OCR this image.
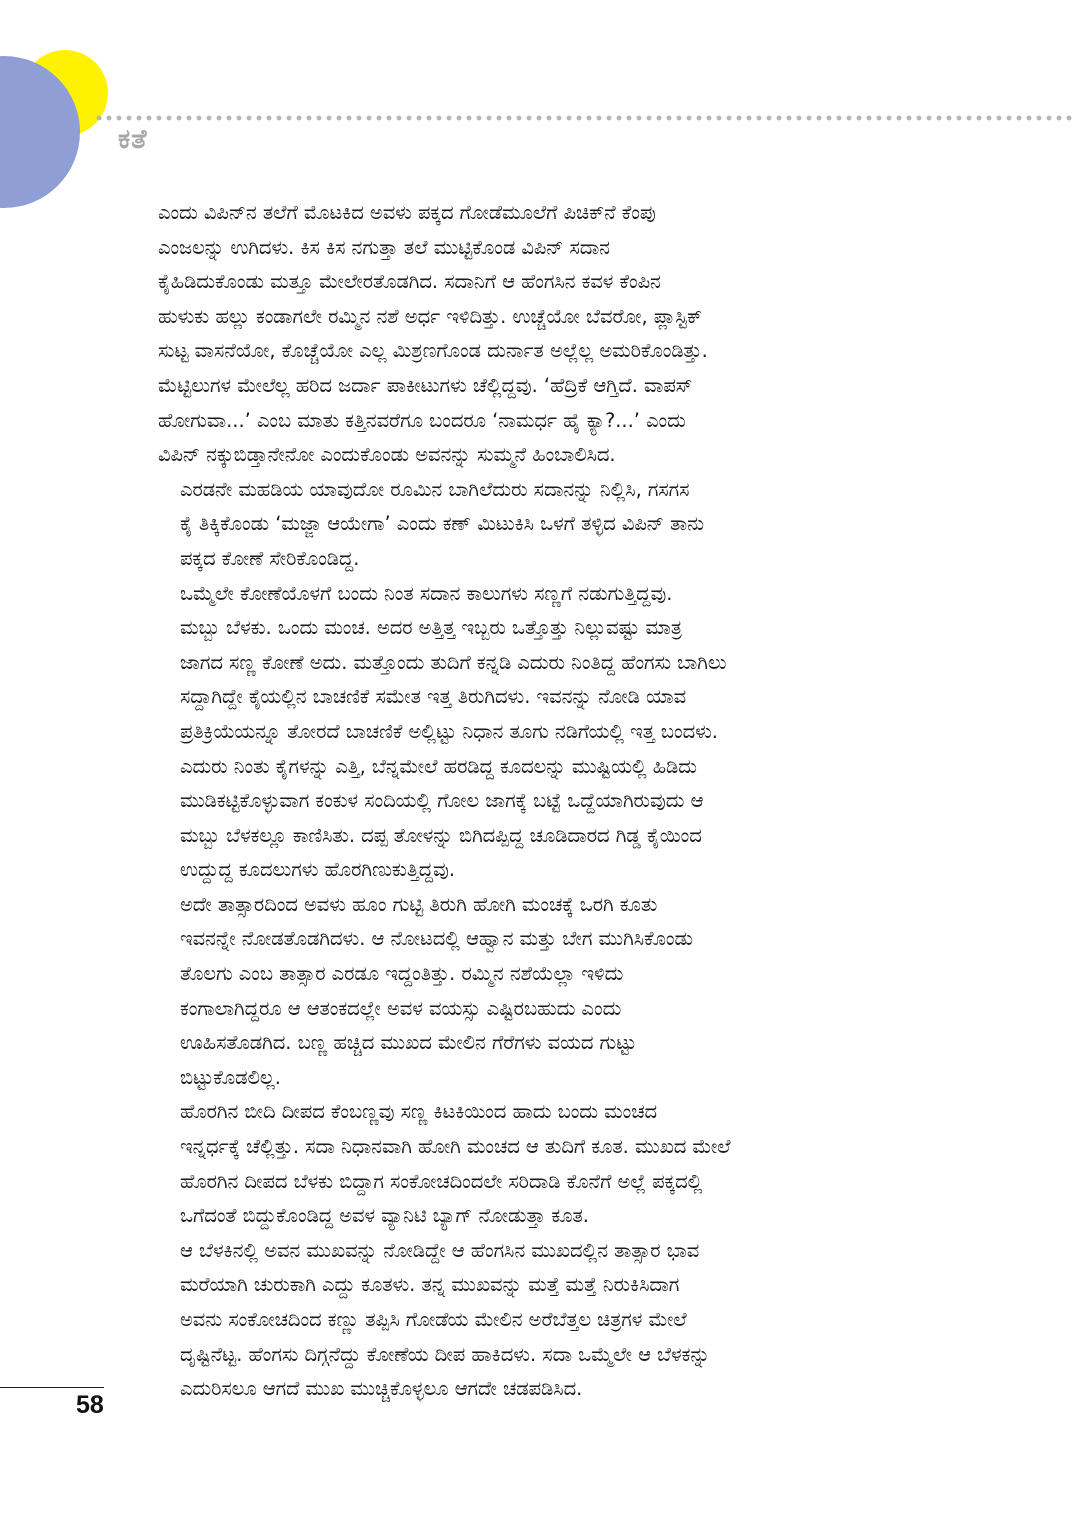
ಕತೆ

ಎಂದು ವಿಪಿನ್‌ನ ತಲೆಗೆ ಮೊಟಕಿದ ಅವಳು ಪಕ್ಕದ ಗೋಡೆಮೂಲೆಗೆ ಪಿಚಿಕ್‌ನೆ ಕೆಂಪು
ಎಂಜಲನ್ನು ಉಗಿದಳು. ಕಿಸ ಕಿಸ ನಗುತ್ತಾ ತಲೆ ಮುಟ್ಟಿಕೊಂಡ ವಿಪಿನ್ ಸದಾನ
ಕೈಹಿಡಿದುಕೊಂಡು ಮತ್ತೂ ಮೇಲೇರತೊಡಗಿದ. ಸದಾನಿಗೆ ಆ ಹೆಂಗಸಿನ ಕವಳ ಕೆಂಪಿನ
ಹುಳುಕು ಹಲ್ಲು ಕಂಡಾಗಲೇ ರಮ್ಮಿನ ನಶೆ ಅರ್ಧ ಇಳಿದಿತ್ತು. ಉಚ್ಚೆಯೋ ಬೆವರೋ, ಪ್ಲಾಸ್ಟಿಕ್
ಸುಟ್ಟ ವಾಸನೆಯೋ, ಕೊಚ್ಚೆಯೋ ಎಲ್ಲ ಮಿಶ್ರಣಗೊಂಡ ದುರ್ನಾತ ಅಲ್ಲೆಲ್ಲ ಅಮರಿಕೊಂಡಿತ್ತು.
ಮೆಟ್ಟಿಲುಗಳ ಮೇಲೆಲ್ಲ ಹರಿದ ಜರ್ದಾ ಪಾಕೀಟುಗಳು ಚೆಲ್ಲಿದ್ದವು. ‘ಹೆದ್ರಿಕೆ ಆಗ್ತಿದೆ. ವಾಪಸ್
ಹೋಗುವಾ...’ ಎಂಬ ಮಾತು ಕತ್ತಿನವರೆಗೂ ಬಂದರೂ ‘ನಾಮರ್ಧ ಹೈ ಕ್ಯಾ?...’ ಎಂದು
ವಿಪಿನ್ ನಕ್ಕುಬಿಡ್ತಾನೇನೋ ಎಂದುಕೊಂಡು ಅವನನ್ನು ಸುಮ್ಮನೆ ಹಿಂಬಾಲಿಸಿದ.

ಎರಡನೇ ಮಹಡಿಯ ಯಾವುದೋ ರೂಮಿನ ಬಾಗಿಲೆದುರು ಸದಾನನ್ನು ನಿಲ್ಲಿಸಿ, ಗಸಗಸ
ಕೈ ತಿಕ್ಕಿಕೊಂಡು ‘ಮಜ್ಜಾ ಆಯೇಗಾ’ ಎಂದು ಕಣ್ ಮಿಟುಕಿಸಿ ಒಳಗೆ ತಳ್ಳಿದ ವಿಪಿನ್ ತಾನು
ಪಕ್ಕದ ಕೋಣೆ ಸೇರಿಕೊಂಡಿದ್ದ.

ಒಮ್ಮೆಲೇ ಕೋಣೆಯೊಳಗೆ ಬಂದು ನಿಂತ ಸದಾನ ಕಾಲುಗಳು ಸಣ್ಣಗೆ ನಡುಗುತ್ತಿದ್ದವು.
ಮಬ್ಬು ಬೆಳಕು. ಒಂದು ಮಂಚ. ಅದರ ಅತ್ತಿತ್ತ ಇಬ್ಬರು ಒತ್ತೊತ್ತು ನಿಲ್ಲುವಷ್ಟು ಮಾತ್ರ
ಜಾಗದ ಸಣ್ಣ ಕೋಣೆ ಅದು. ಮತ್ತೊಂದು ತುದಿಗೆ ಕನ್ನಡಿ ಎದುರು ನಿಂತಿದ್ದ ಹೆಂಗಸು ಬಾಗಿಲು
ಸದ್ದಾಗಿದ್ದೇ ಕೈಯಲ್ಲಿನ ಬಾಚಣಿಕೆ ಸಮೇತ ಇತ್ತ ತಿರುಗಿದಳು. ಇವನನ್ನು ನೋಡಿ ಯಾವ
ಪ್ರತಿಕ್ರಿಯೆಯನ್ನೂ ತೋರದೆ ಬಾಚಣಿಕೆ ಅಲ್ಲಿಟ್ಟು ನಿಧಾನ ತೂಗು ನಡಿಗೆಯಲ್ಲಿ ಇತ್ತ ಬಂದಳು.
ಎದುರು ನಿಂತು ಕೈಗಳನ್ನು ಎತ್ತಿ, ಬೆನ್ನಮೇಲೆ ಹರಡಿದ್ದ ಕೂದಲನ್ನು ಮುಷ್ಟಿಯಲ್ಲಿ ಹಿಡಿದು
ಮುಡಿಕಟ್ಟಿಕೊಳ್ಳುವಾಗ ಕಂಕುಳ ಸಂದಿಯಲ್ಲಿ ಗೋಲ ಜಾಗಕ್ಕೆ ಬಟ್ಟೆ ಒದ್ದೆಯಾಗಿರುವುದು ಆ
ಮಬ್ಬು ಬೆಳಕಲ್ಲೂ ಕಾಣಿಸಿತು. ದಪ್ಪ ತೋಳನ್ನು ಬಿಗಿದಪ್ಪಿದ್ದ ಚೂಡಿದಾರದ ಗಿಡ್ಡ ಕೈಯಿಂದ
ಉದ್ದುದ್ದ ಕೂದಲುಗಳು ಹೊರಗಿಣುಕುತ್ತಿದ್ದವು.

ಅದೇ ತಾತ್ಸಾರದಿಂದ ಅವಳು ಹೂಂ ಗುಟ್ಟಿ ತಿರುಗಿ ಹೋಗಿ ಮಂಚಕ್ಕೆ ಒರಗಿ ಕೂತು
ಇವನನ್ನೇ ನೋಡತೊಡಗಿದಳು. ಆ ನೋಟದಲ್ಲಿ ಆಹ್ವಾನ ಮತ್ತು ಬೇಗ ಮುಗಿಸಿಕೊಂಡು
ತೊಲಗು ಎಂಬ ತಾತ್ಸಾರ ಎರಡೂ ಇದ್ದಂತಿತ್ತು. ರಮ್ಮಿನ ನಶೆಯೆಲ್ಲಾ ಇಳಿದು
ಕಂಗಾಲಾಗಿದ್ದರೂ ಆ ಆತಂಕದಲ್ಲೇ ಅವಳ ವಯಸ್ಸು ಎಷ್ಟಿರಬಹುದು ಎಂದು
ಊಹಿಸತೊಡಗಿದ. ಬಣ್ಣ ಹಚ್ಚಿದ ಮುಖದ ಮೇಲಿನ ಗೆರೆಗಳು ವಯದ ಗುಟ್ಟು
ಬಿಟ್ಟುಕೊಡಲಿಲ್ಲ.

ಹೊರಗಿನ ಬೀದಿ ದೀಪದ ಕೆಂಬಣ್ಣವು ಸಣ್ಣ ಕಿಟಕಿಯಿಂದ ಹಾದು ಬಂದು ಮಂಚದ
ಇನ್ನರ್ಧಕ್ಕೆ ಚೆಲ್ಲಿತ್ತು. ಸದಾ ನಿಧಾನವಾಗಿ ಹೋಗಿ ಮಂಚದ ಆ ತುದಿಗೆ ಕೂತ. ಮುಖದ ಮೇಲೆ
ಹೊರಗಿನ ದೀಪದ ಬೆಳಕು ಬಿದ್ದಾಗ ಸಂಕೋಚದಿಂದಲೇ ಸರಿದಾಡಿ ಕೊನೆಗೆ ಅಲ್ಲೆ ಪಕ್ಕದಲ್ಲಿ
ಒಗೆದಂತೆ ಬಿದ್ದುಕೊಂಡಿದ್ದ ಅವಳ ವ್ಯಾನಿಟಿ ಬ್ಯಾಗ್ ನೋಡುತ್ತಾ ಕೂತ.

ಆ ಬೆಳಕಿನಲ್ಲಿ ಅವನ ಮುಖವನ್ನು ನೋಡಿದ್ದೇ ಆ ಹೆಂಗಸಿನ ಮುಖದಲ್ಲಿನ ತಾತ್ಸಾರ ಭಾವ
ಮರೆಯಾಗಿ ಚುರುಕಾಗಿ ಎದ್ದು ಕೂತಳು. ತನ್ನ ಮುಖವನ್ನು ಮತ್ತೆ ಮತ್ತೆ ನಿರುಕಿಸಿದಾಗ
ಅವನು ಸಂಕೋಚದಿಂದ ಕಣ್ಣು ತಪ್ಪಿಸಿ ಗೋಡೆಯ ಮೇಲಿನ ಅರೆಬೆತ್ತಲ ಚಿತ್ರಗಳ ಮೇಲೆ
ದೃಷ್ಟಿನೆಟ್ಟ. ಹೆಂಗಸು ದಿಗ್ಗನೆದ್ದು ಕೋಣೆಯ ದೀಪ ಹಾಕಿದಳು. ಸದಾ ಒಮ್ಮೆಲೇ ಆ ಬೆಳಕನ್ನು
ಎದುರಿಸಲೂ ಆಗದೆ ಮುಖ ಮುಚ್ಚಿಕೊಳ್ಳಲೂ ಆಗದೇ ಚಡಪಡಿಸಿದ.

58
